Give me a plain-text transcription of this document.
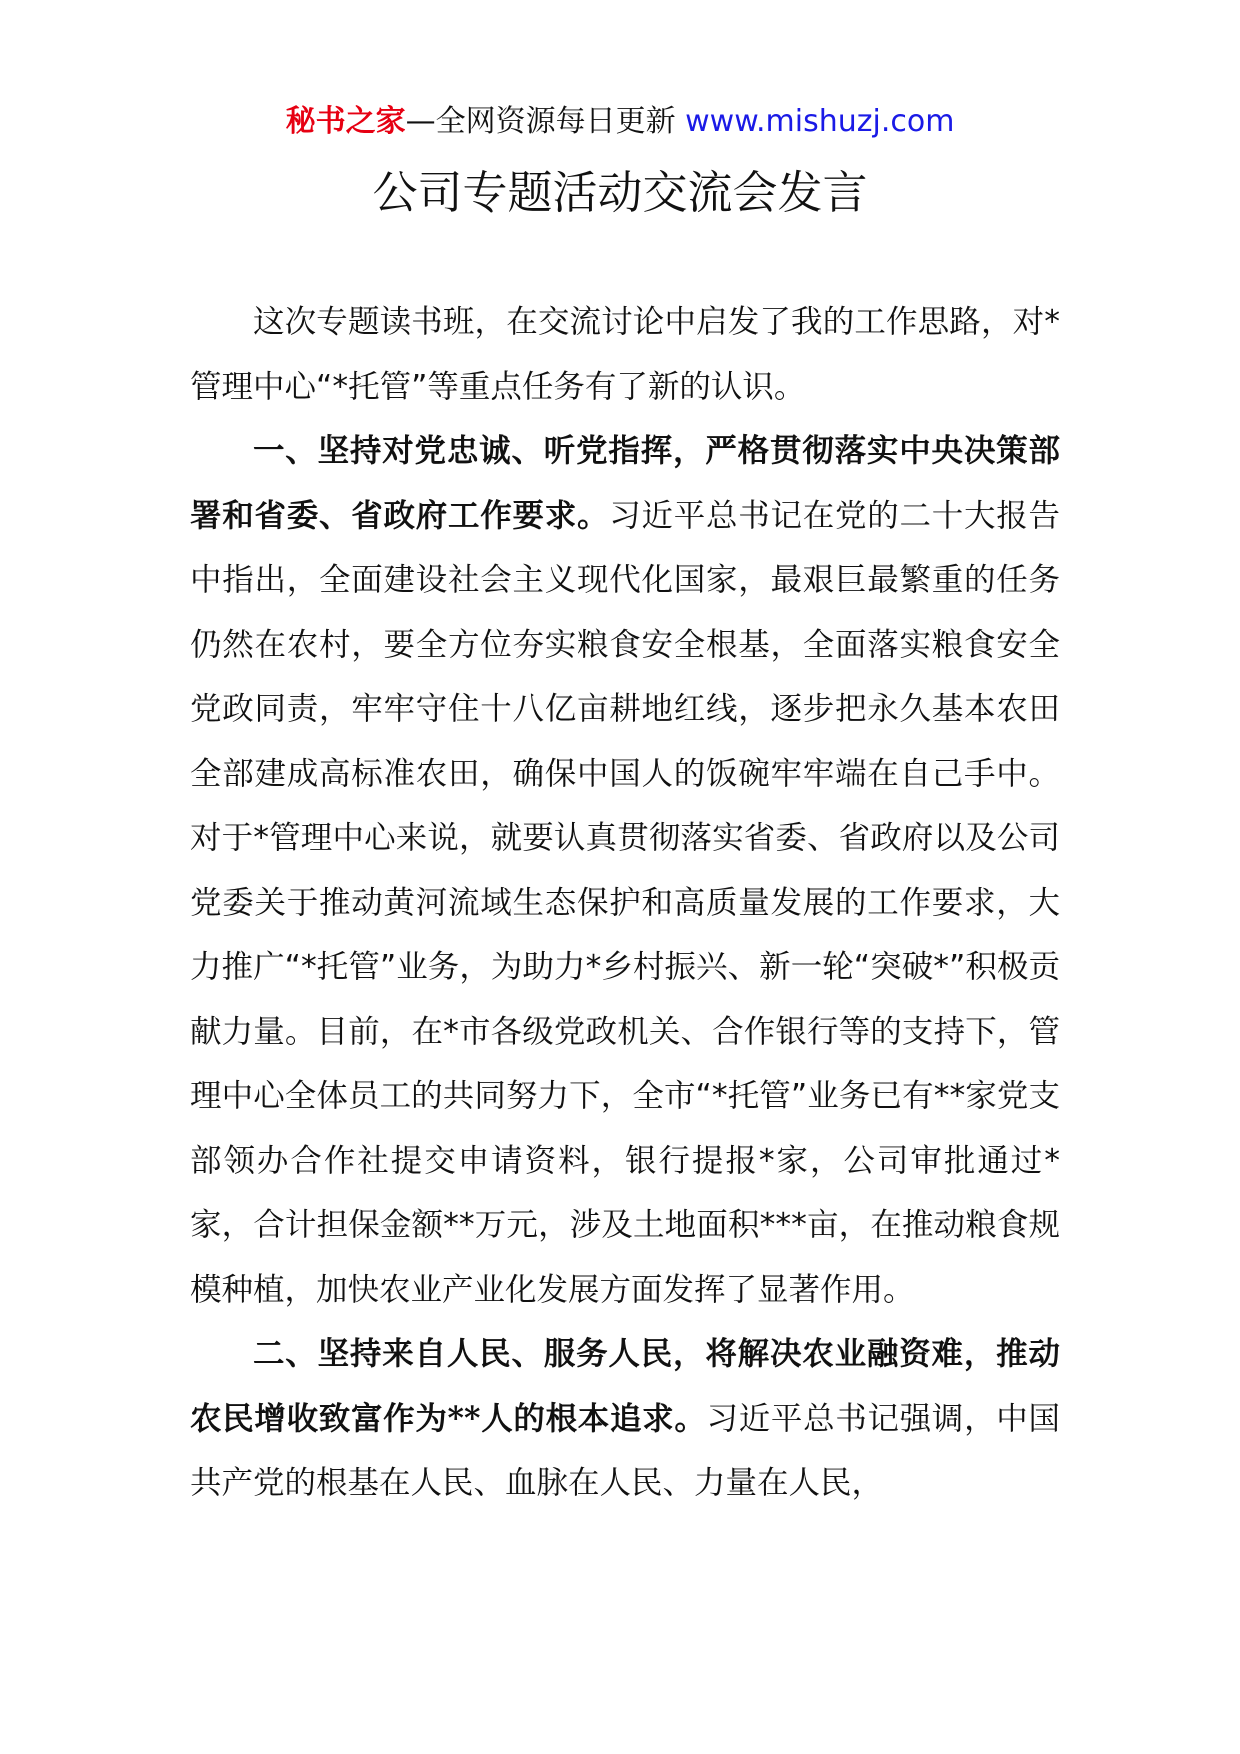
秘书之家—全网资源每日更新 www.mishuzj.com
公司专题活动交流会发言

这次专题读书班，在交流讨论中启发了我的工作思路，对*管理中心“*托管”等重点任务有了新的认识。

一、坚持对党忠诚、听党指挥，严格贯彻落实中央决策部署和省委、省政府工作要求。习近平总书记在党的二十大报告中指出，全面建设社会主义现代化国家，最艰巨最繁重的任务仍然在农村，要全方位夯实粮食安全根基，全面落实粮食安全党政同责，牢牢守住十八亿亩耕地红线，逐步把永久基本农田全部建成高标准农田，确保中国人的饭碗牢牢端在自己手中。对于*管理中心来说，就要认真贯彻落实省委、省政府以及公司党委关于推动黄河流域生态保护和高质量发展的工作要求，大力推广“*托管”业务，为助力*乡村振兴、新一轮“突破*”积极贡献力量。目前，在*市各级党政机关、合作银行等的支持下，管理中心全体员工的共同努力下，全市“*托管”业务已有**家党支部领办合作社提交申请资料，银行提报*家，公司审批通过*家，合计担保金额**万元，涉及土地面积***亩，在推动粮食规模种植，加快农业产业化发展方面发挥了显著作用。

二、坚持来自人民、服务人民，将解决农业融资难，推动农民增收致富作为**人的根本追求。习近平总书记强调，中国共产党的根基在人民、血脉在人民、力量在人民，
